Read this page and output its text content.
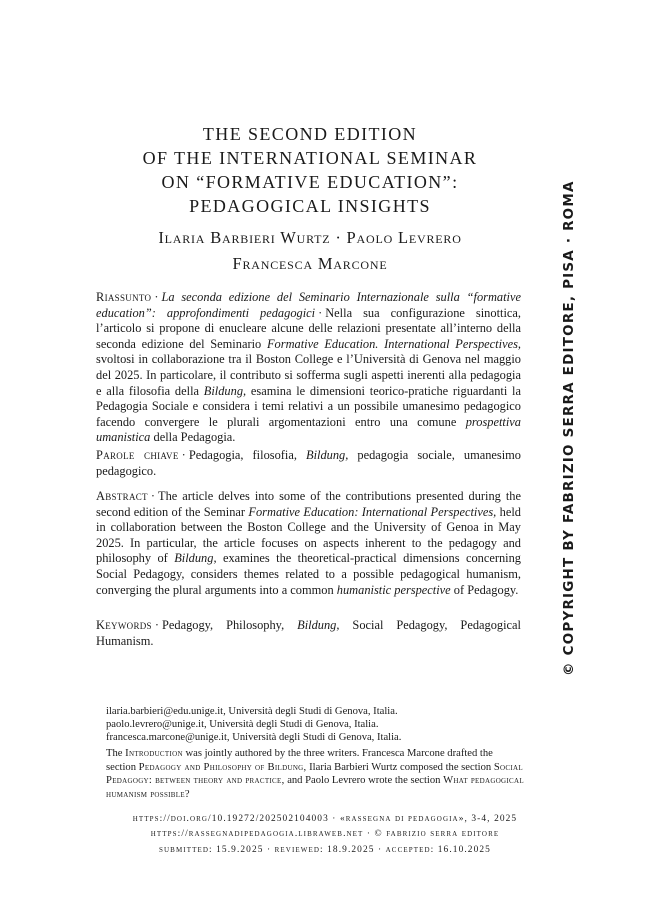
THE SECOND EDITION
OF THE INTERNATIONAL SEMINAR
ON “FORMATIVE EDUCATION”:
PEDAGOGICAL INSIGHTS
Ilaria Barbieri Wurtz · Paolo Levrero
Francesca Marcone
Riassunto · La seconda edizione del Seminario Internazionale sulla “formative education”: approfondimenti pedagogici · Nella sua configurazione sinottica, l’articolo si propone di enucleare alcune delle relazioni presentate all’interno della seconda edizione del Seminario Formative Education. International Perspectives, svoltosi in collaborazione tra il Boston College e l’Università di Genova nel maggio del 2025. In particolare, il contributo si sofferma sugli aspetti inerenti alla pedagogia e alla filosofia della Bildung, esamina le dimensioni teorico-pratiche riguardanti la Pedagogia Sociale e considera i temi relativi a un possibile umanesimo pedagogico facendo convergere le plurali argomentazioni entro una comune prospettiva umanistica della Pedagogia.
Parole chiave · Pedagogia, filosofia, Bildung, pedagogia sociale, umanesimo pedagogico.
Abstract · The article delves into some of the contributions presented during the second edition of the Seminar Formative Education: International Perspectives, held in collaboration between the Boston College and the University of Genoa in May 2025. In particular, the article focuses on aspects inherent to the pedagogy and philosophy of Bildung, examines the theoretical-practical dimensions concerning Social Pedagogy, considers themes related to a possible pedagogical humanism, converging the plural arguments into a common humanistic perspective of Pedagogy.
Keywords · Pedagogy, Philosophy, Bildung, Social Pedagogy, Pedagogical Humanism.	© COPYRIGHT BY FABRIZIO SERRA EDITORE, PISA · ROMA
ilaria.barbieri@edu.unige.it, Università degli Studi di Genova, Italia.
paolo.levrero@unige.it, Università degli Studi di Genova, Italia.
francesca.marcone@unige.it, Università degli Studi di Genova, Italia.
The Introduction was jointly authored by the three writers. Francesca Marcone drafted the section Pedagogy and Philosophy of Bildung, Ilaria Barbieri Wurtz composed the section Social Pedagogy: between theory and practice, and Paolo Levrero wrote the section What pedagogical humanism possible?
https://doi.org/10.19272/202502104003 · «rassegna di pedagogia», 3-4, 2025
https://rassegnadipedagogia.libraweb.net · © fabrizio serra editore
submitted: 15.9.2025 · reviewed: 18.9.2025 · accepted: 16.10.2025
